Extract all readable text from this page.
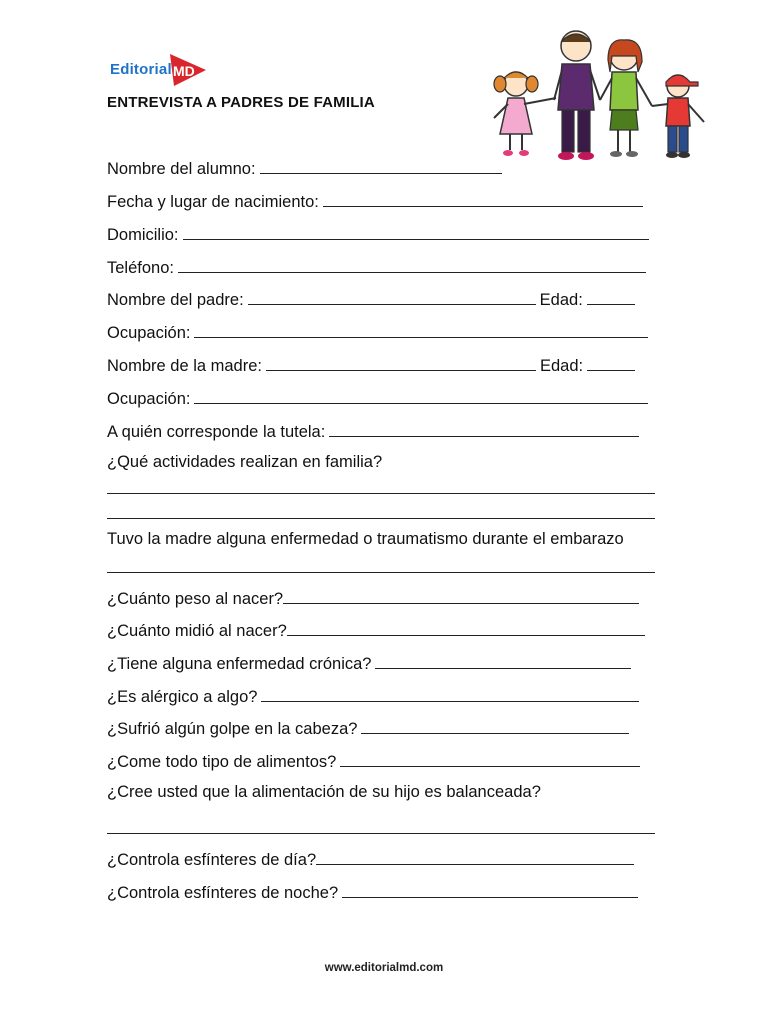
Editorial MD
ENTREVISTA A PADRES DE FAMILIA
Nombre del alumno:
Fecha y lugar de nacimiento:
Domicilio:
Teléfono:
Nombre del padre:	Edad:
Ocupación:
Nombre de la madre:	Edad:
Ocupación:
A quién corresponde la tutela:
¿Qué actividades realizan en familia?
Tuvo la madre alguna enfermedad o traumatismo durante el embarazo
¿Cuánto peso al nacer?
¿Cuánto midió al nacer?
¿Tiene alguna enfermedad crónica?
¿Es alérgico a algo?
¿Sufrió algún golpe en la cabeza?
¿Come todo tipo de alimentos?
¿Cree usted que la alimentación de su hijo es balanceada?
¿Controla esfínteres de día?
¿Controla esfínteres de noche?
www.editorialmd.com
